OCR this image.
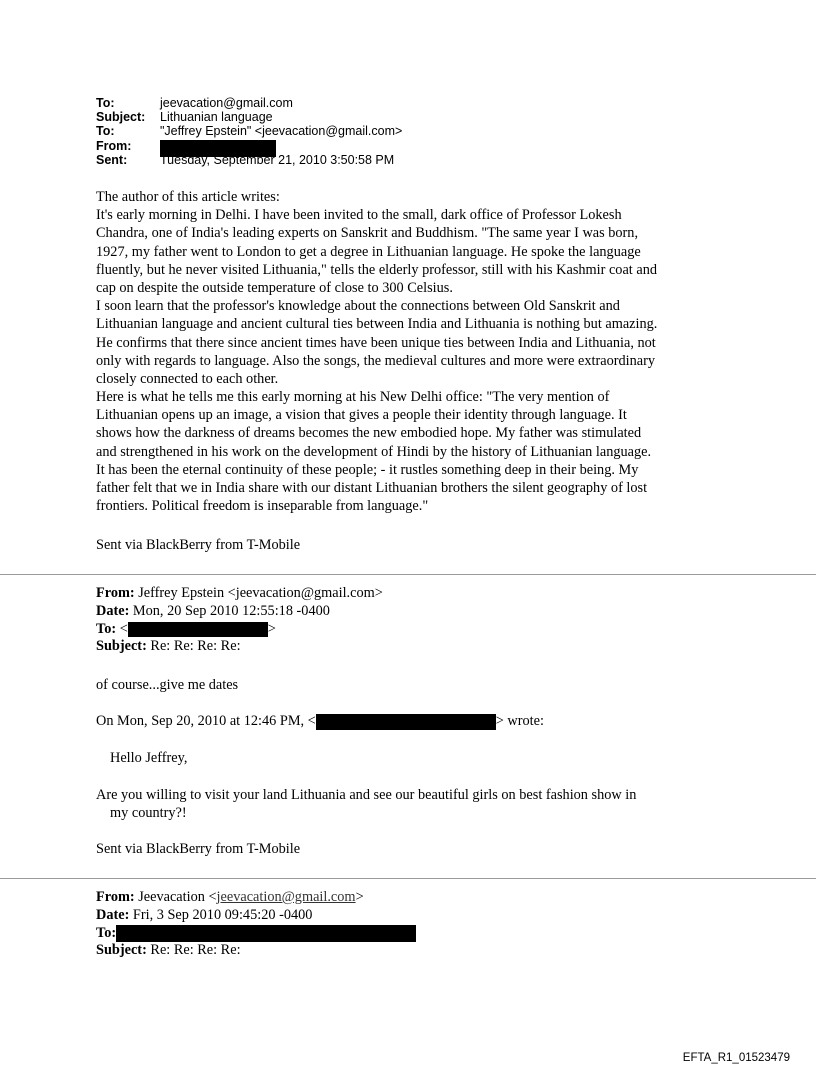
To:	jeevacation@gmail.com
Subject:	Lithuanian language
To:	"Jeffrey Epstein" <jeevacation@gmail.com>
From:
Sent:	Tuesday, September 21, 2010 3:50:58 PM
The author of this article writes:
It's early morning in Delhi. I have been invited to the small, dark office of Professor Lokesh
Chandra, one of India's leading experts on Sanskrit and Buddhism. "The same year I was born,
1927, my father went to London to get a degree in Lithuanian language. He spoke the language
fluently, but he never visited Lithuania," tells the elderly professor, still with his Kashmir coat and
cap on despite the outside temperature of close to 300 Celsius.
I soon learn that the professor's knowledge about the connections between Old Sanskrit and
Lithuanian language and ancient cultural ties between India and Lithuania is nothing but amazing.
He confirms that there since ancient times have been unique ties between India and Lithuania, not
only with regards to language. Also the songs, the medieval cultures and more were extraordinary
closely connected to each other.
Here is what he tells me this early morning at his New Delhi office: "The very mention of
Lithuanian opens up an image, a vision that gives a people their identity through language. It
shows how the darkness of dreams becomes the new embodied hope. My father was stimulated
and strengthened in his work on the development of Hindi by the history of Lithuanian language.
It has been the eternal continuity of these people; - it rustles something deep in their being. My
father felt that we in India share with our distant Lithuanian brothers the silent geography of lost
frontiers. Political freedom is inseparable from language."
Sent via BlackBerry from T-Mobile
From: Jeffrey Epstein <jeevacation@gmail.com>
Date: Mon, 20 Sep 2010 12:55:18 -0400
To: <	>
Subject: Re: Re: Re: Re:
of course...give me dates
On Mon, Sep 20, 2010 at 12:46 PM, <	> wrote:
Hello Jeffrey,
Are you willing to visit your land Lithuania and see our beautiful girls on best fashion show in
my country?!
Sent via BlackBerry from T-Mobile
From: Jeevacation <jeevacation@gmail.com>
Date: Fri, 3 Sep 2010 09:45:20 -0400
To:
Subject: Re: Re: Re: Re:
EFTA_R1_01523479
